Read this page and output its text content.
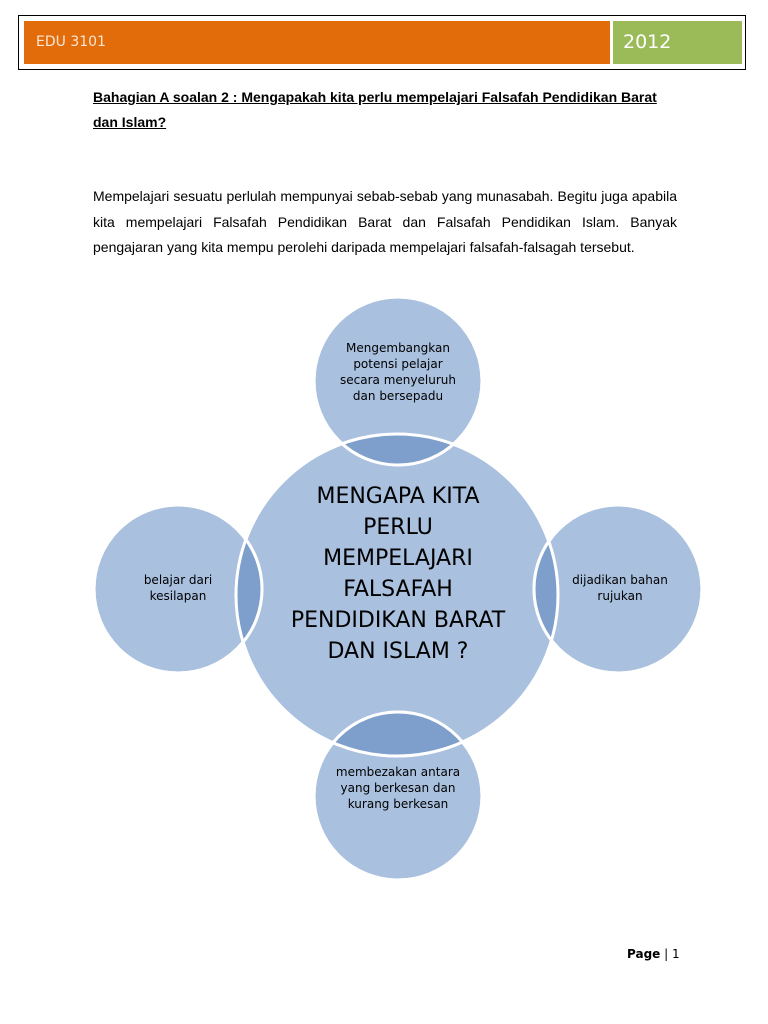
EDU 3101	2012
Bahagian A soalan 2 : Mengapakah kita perlu mempelajari Falsafah Pendidikan Barat dan Islam?
Mempelajari sesuatu perlulah mempunyai sebab-sebab yang munasabah. Begitu juga apabila kita mempelajari Falsafah Pendidikan Barat dan Falsafah Pendidikan Islam. Banyak pengajaran yang kita mempu perolehi daripada mempelajari falsafah-falsagah tersebut.
MENGAPA KITA PERLU MEMPELAJARI FALSAFAH PENDIDIKAN BARAT DAN ISLAM ?
Mengembangkan potensi pelajar secara menyeluruh dan bersepadu
belajar dari kesilapan
dijadikan bahan rujukan
membezakan antara yang berkesan dan kurang berkesan
Page | 1
